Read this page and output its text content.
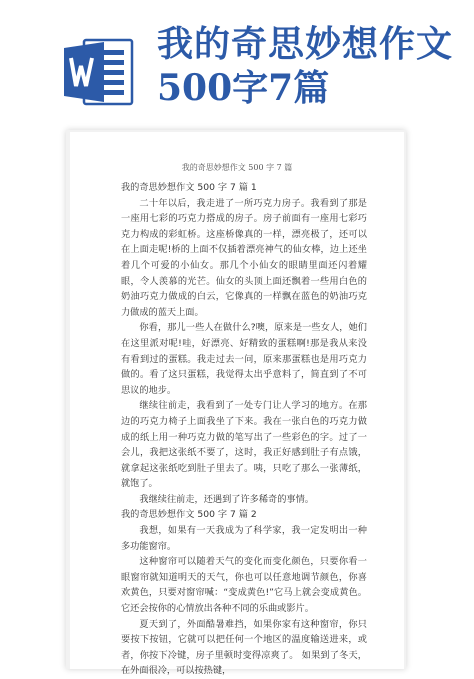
我的奇思妙想作文
500字7篇
我的奇思妙想作文 500 字 7 篇
我的奇思妙想作文 500 字 7 篇 1

二十年以后，我走进了一所巧克力房子。我看到了那是一座用七彩的巧克力搭成的房子。房子前面有一座用七彩巧克力构成的彩虹桥。这座桥像真的一样，漂亮极了，还可以在上面走呢!桥的上面不仅插着漂亮神气的仙女棒，边上还坐着几个可爱的小仙女。那几个小仙女的眼睛里面还闪着耀眼，令人羡慕的光芒。仙女的头顶上面还飘着一些用白色的奶油巧克力做成的白云，它像真的一样飘在蓝色的奶油巧克力做成的蓝天上面。

你看，那儿一些人在做什么?噢，原来是一些女人，她们在这里派对呢!哇，好漂亮、好精致的蛋糕啊!那是我从来没有看到过的蛋糕。我走过去一问，原来那蛋糕也是用巧克力做的。看了这只蛋糕，我觉得太出乎意料了，简直到了不可思议的地步。

继续往前走，我看到了一处专门让人学习的地方。在那边的巧克力椅子上面我坐了下来。我在一张白色的巧克力做成的纸上用一种巧克力做的笔写出了一些彩色的字。过了一会儿，我把这张纸不要了，这时，我正好感到肚子有点饿，就拿起这张纸吃到肚子里去了。咦，只吃了那么一张薄纸，就饱了。

我继续往前走，还遇到了许多稀奇的事情。

我的奇思妙想作文 500 字 7 篇 2

我想，如果有一天我成为了科学家，我一定发明出一种多功能窗帘。

这种窗帘可以随着天气的变化而变化颜色，只要你看一眼窗帘就知道明天的天气，你也可以任意地调节颜色，你喜欢黄色，只要对窗帘喊：“变成黄色!”它马上就会变成黄色。它还会按你的心情放出各种不同的乐曲或影片。

夏天到了，外面酷暑难挡，如果你家有这种窗帘，你只要按下按钮，它就可以把任何一个地区的温度输送进来，或者，你按下冷键，房子里顿时变得凉爽了。 如果到了冬天，在外面很冷，可以按热键，
